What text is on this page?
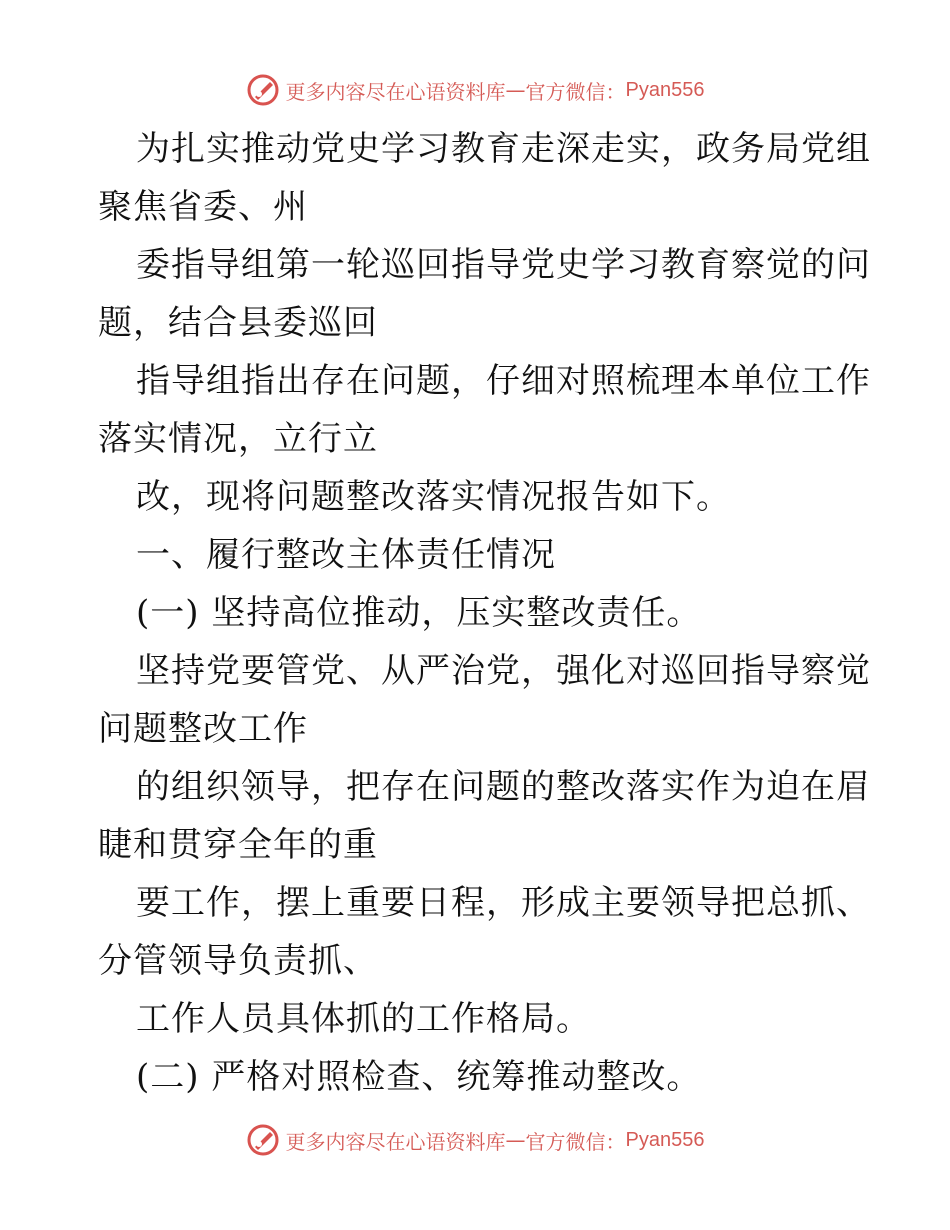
更多内容尽在心语资料库 — 官方微信： Pyan556
为扎实推动党史学习教育走深走实，政务局党组
聚焦省委、州
委指导组第一轮巡回指导党史学习教育察觉的问
题，结合县委巡回
指导组指出存在问题，仔细对照梳理本单位工作
落实情况，立行立
改，现将问题整改落实情况报告如下。
一、履行整改主体责任情况
(一) 坚持高位推动，压实整改责任。
坚持党要管党、从严治党，强化对巡回指导察觉
问题整改工作
的组织领导，把存在问题的整改落实作为迫在眉
睫和贯穿全年的重
要工作，摆上重要日程，形成主要领导把总抓、
分管领导负责抓、
工作人员具体抓的工作格局。
(二) 严格对照检查、统筹推动整改。
更多内容尽在心语资料库 — 官方微信： Pyan556
